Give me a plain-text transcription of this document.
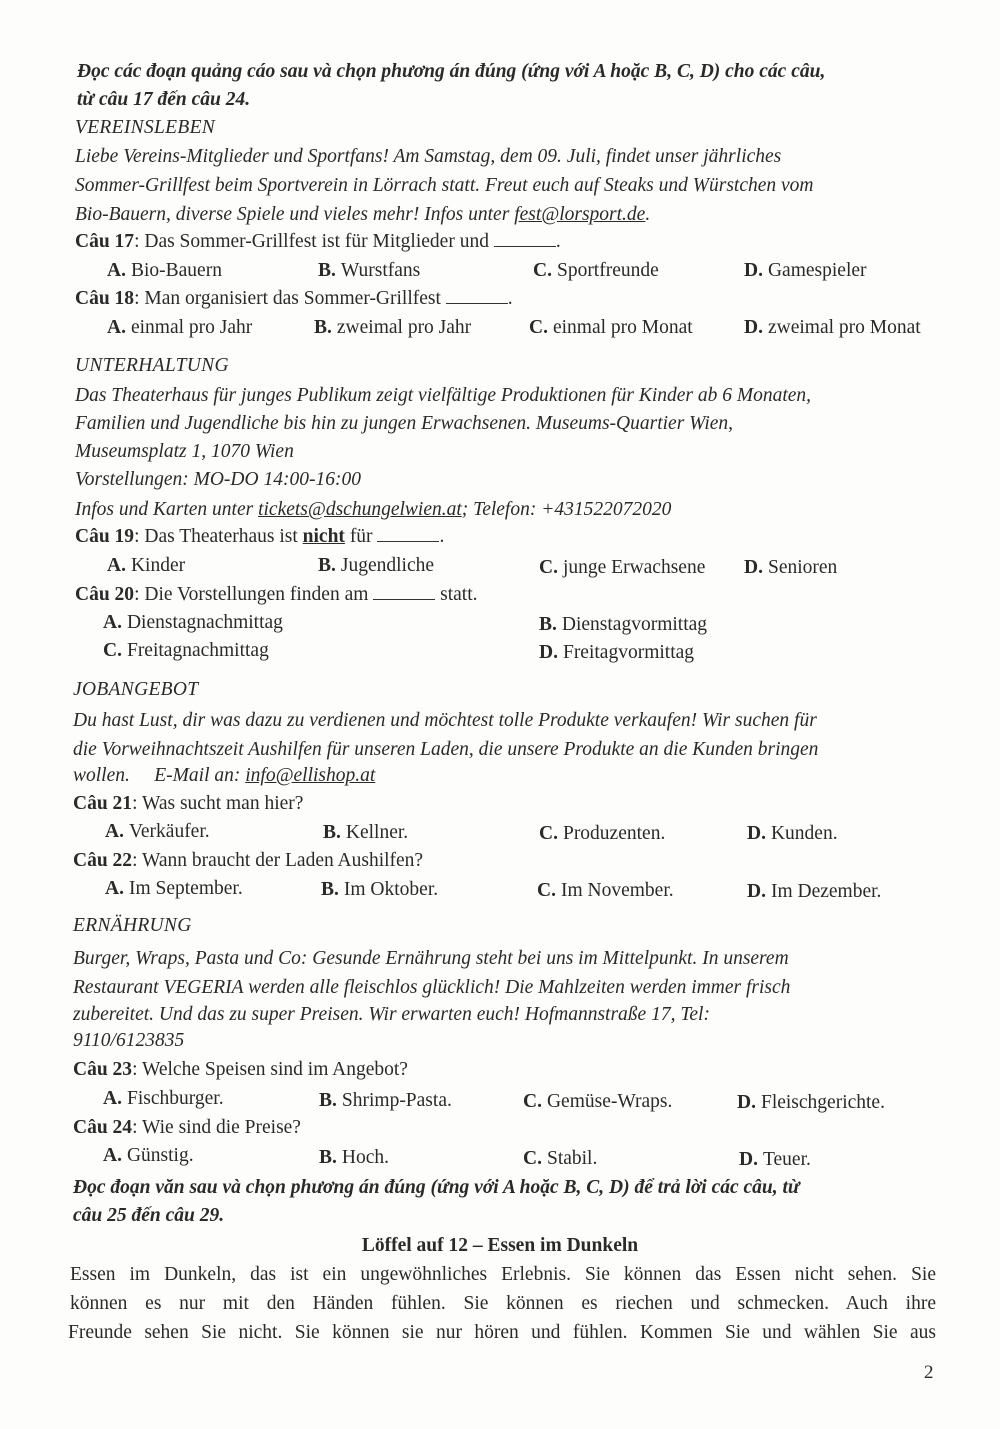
Đọc các đoạn quảng cáo sau và chọn phương án đúng (ứng với A hoặc B, C, D) cho các câu,
từ câu 17 đến câu 24.
VEREINSLEBEN
Liebe Vereins-Mitglieder und Sportfans! Am Samstag, dem 09. Juli, findet unser jährliches
Sommer-Grillfest beim Sportverein in Lörrach statt. Freut euch auf Steaks und Würstchen vom
Bio-Bauern, diverse Spiele und vieles mehr! Infos unter fest@lorsport.de.
Câu 17: Das Sommer-Grillfest ist für Mitglieder und	.
A. Bio-Bauern	B. Wurstfans	C. Sportfreunde	D. Gamespieler
Câu 18: Man organisiert das Sommer-Grillfest	.
A. einmal pro Jahr	B. zweimal pro Jahr	C. einmal pro Monat	D. zweimal pro Monat
UNTERHALTUNG
Das Theaterhaus für junges Publikum zeigt vielfältige Produktionen für Kinder ab 6 Monaten,
Familien und Jugendliche bis hin zu jungen Erwachsenen. Museums-Quartier Wien,
Museumsplatz 1, 1070 Wien
Vorstellungen: MO-DO 14:00-16:00
Infos und Karten unter tickets@dschungelwien.at; Telefon: +431522072020
Câu 19: Das Theaterhaus ist nicht für	.
A. Kinder	B. Jugendliche	C. junge Erwachsene D. Senioren
Câu 20: Die Vorstellungen finden am	statt.
A. Dienstagnachmittag	B. Dienstagvormittag
C. Freitagnachmittag	D. Freitagvormittag
JOBANGEBOT
Du hast Lust, dir was dazu zu verdienen und möchtest tolle Produkte verkaufen! Wir suchen für
die Vorweihnachtszeit Aushilfen für unseren Laden, die unsere Produkte an die Kunden bringen
wollen.     E-Mail an: info@ellishop.at
Câu 21: Was sucht man hier?
A. Verkäufer.	B. Kellner.	C. Produzenten.	D. Kunden.
Câu 22: Wann braucht der Laden Aushilfen?
A. Im September.	B. Im Oktober.	C. Im November.	D. Im Dezember.
ERNÄHRUNG
Burger, Wraps, Pasta und Co: Gesunde Ernährung steht bei uns im Mittelpunkt. In unserem
Restaurant VEGERIA werden alle fleischlos glücklich! Die Mahlzeiten werden immer frisch
zubereitet. Und das zu super Preisen. Wir erwarten euch! Hofmannstraße 17, Tel:
9110/6123835
Câu 23: Welche Speisen sind im Angebot?
A. Fischburger.	B. Shrimp-Pasta.	C. Gemüse-Wraps.	D. Fleischgerichte.
Câu 24: Wie sind die Preise?
A. Günstig.	B. Hoch.	C. Stabil.	D. Teuer.
Đọc đoạn văn sau và chọn phương án đúng (ứng với A hoặc B, C, D) để trả lời các câu, từ
câu 25 đến câu 29.
Löffel auf 12 – Essen im Dunkeln
Essen im Dunkeln, das ist ein ungewöhnliches Erlebnis. Sie können das Essen nicht sehen. Sie
können es nur mit den Händen fühlen. Sie können es riechen und schmecken. Auch ihre
Freunde sehen Sie nicht. Sie können sie nur hören und fühlen. Kommen Sie und wählen Sie aus
2
